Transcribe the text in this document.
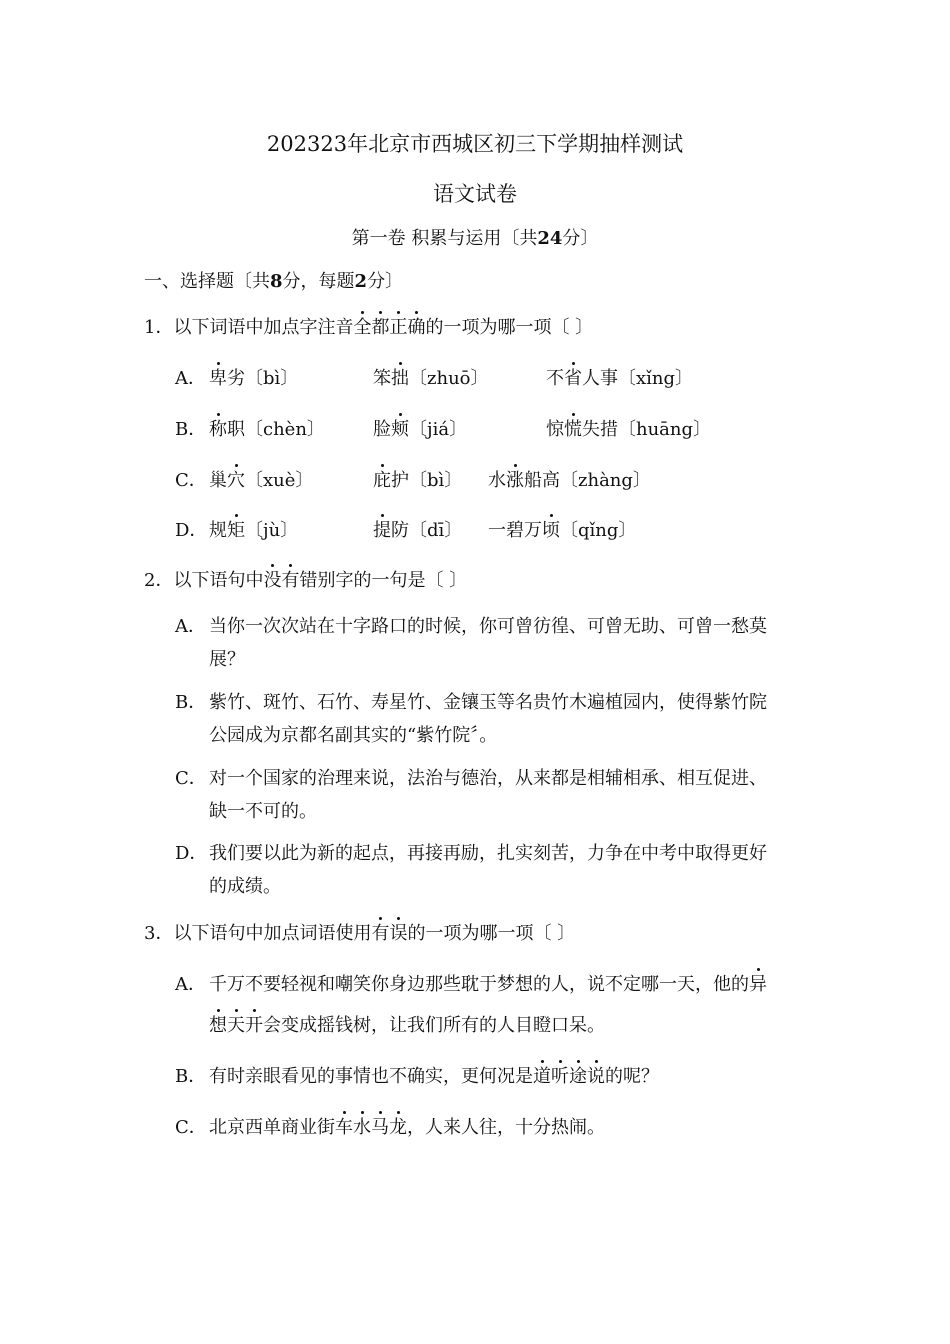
202323年北京市西城区初三下学期抽样测试
语文试卷
第一卷 积累与运用〔共24分〕
一、选择题〔共8分，每题2分〕
1．以下词语中加点字注音全都正确的一项为哪一项〔 〕
A． 卑劣〔bì〕	笨拙〔zhuō〕	不省人事〔xǐng〕
B． 称职〔chèn〕	脸颊〔jiá〕	惊慌失措〔huāng〕
C． 巢穴〔xuè〕	庇护〔bì〕 水涨船高〔zhàng〕
D． 规矩〔jù〕	提防〔dī〕 一碧万顷〔qǐng〕
2．以下语句中没有错别字的一句是〔 〕
A． 当你一次次站在十字路口的时候，你可曾彷徨、可曾无助、可曾一愁莫
展？
B． 紫竹、斑竹、石竹、寿星竹、金镶玉等名贵竹木遍植园内，使得紫竹院
公园成为京都名副其实的“紫竹院〞。
C． 对一个国家的治理来说，法治与德治，从来都是相辅相承、相互促进、
缺一不可的。
D． 我们要以此为新的起点，再接再励，扎实刻苦，力争在中考中取得更好
的成绩。
3．以下语句中加点词语使用有误的一项为哪一项〔 〕
A． 千万不要轻视和嘲笑你身边那些耽于梦想的人，说不定哪一天，他的异
想天开会变成摇钱树，让我们所有的人目瞪口呆。
B． 有时亲眼看见的事情也不确实，更何况是道听途说的呢？
C． 北京西单商业街车水马龙，人来人往，十分热闹。
